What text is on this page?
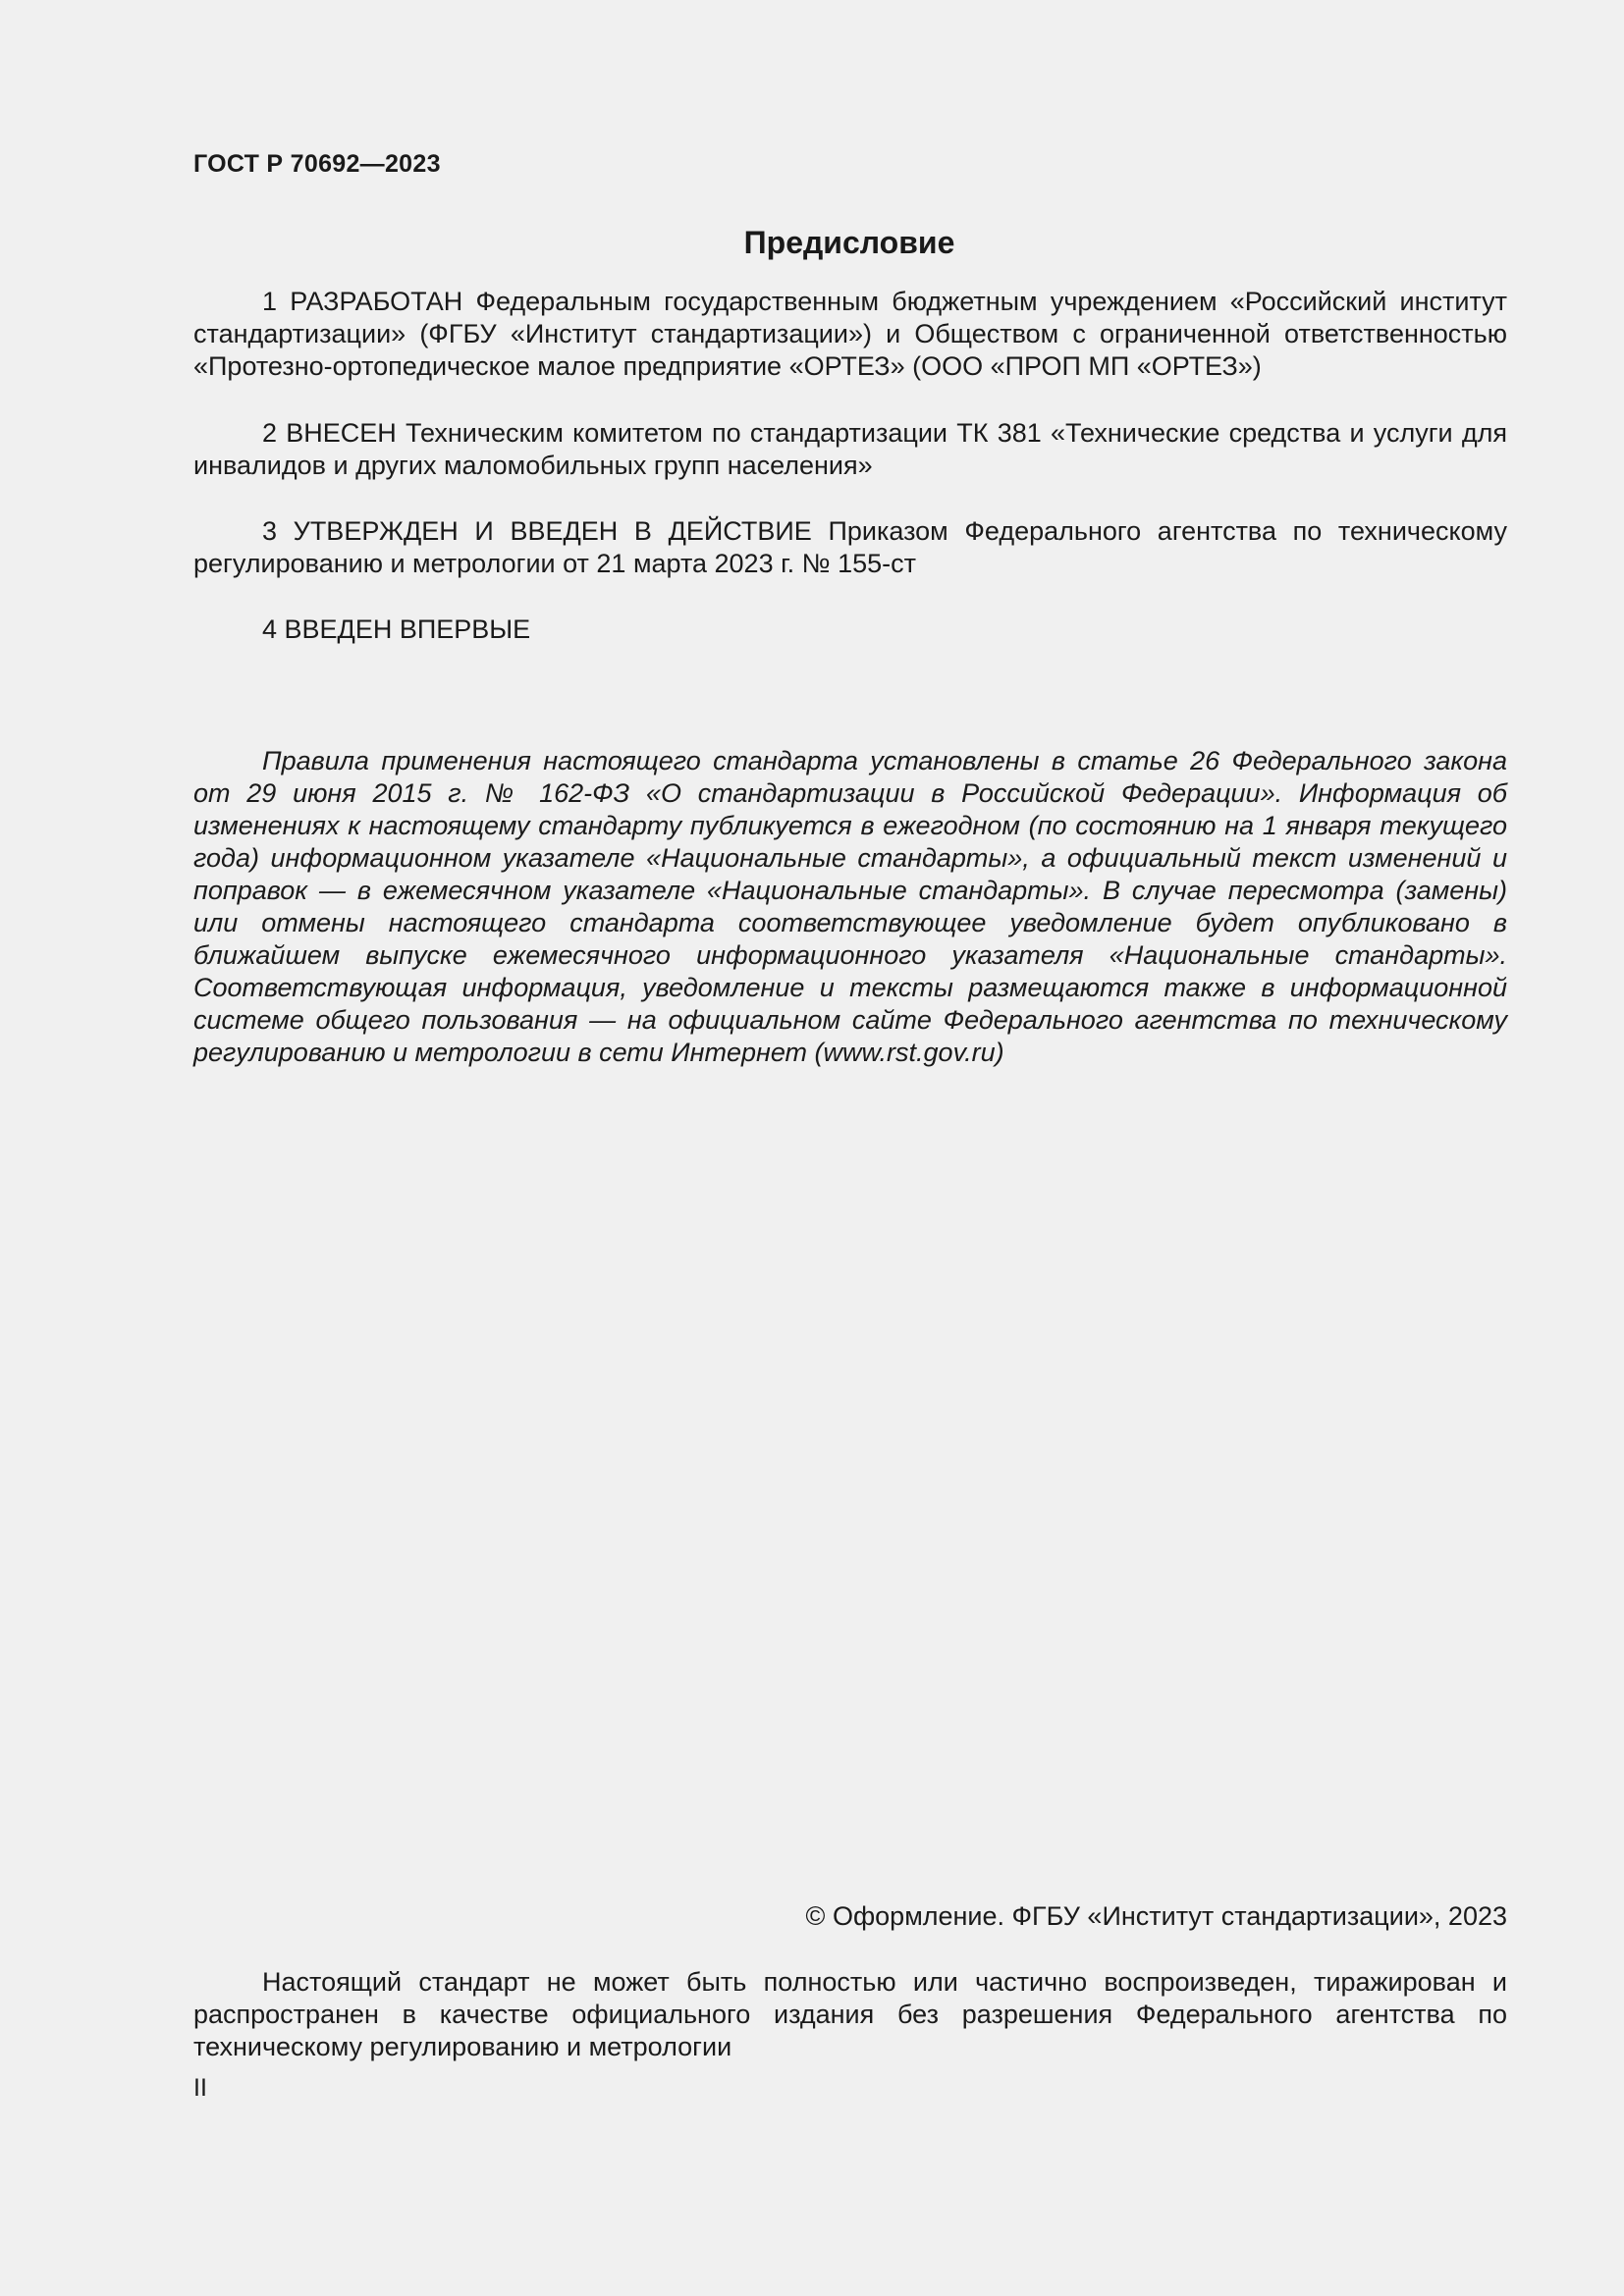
ГОСТ Р 70692—2023
Предисловие
1 РАЗРАБОТАН Федеральным государственным бюджетным учреждением «Российский институт стандартизации» (ФГБУ «Институт стандартизации») и Обществом с ограниченной ответственностью «Протезно-ортопедическое малое предприятие «ОРТЕЗ» (ООО «ПРОП МП «ОРТЕЗ»)
2 ВНЕСЕН Техническим комитетом по стандартизации ТК 381 «Технические средства и услуги для инвалидов и других маломобильных групп населения»
3 УТВЕРЖДЕН И ВВЕДЕН В ДЕЙСТВИЕ Приказом Федерального агентства по техническому регулированию и метрологии от 21 марта 2023 г. № 155-ст
4 ВВЕДЕН ВПЕРВЫЕ
Правила применения настоящего стандарта установлены в статье 26 Федерального закона от 29 июня 2015 г. № 162-ФЗ «О стандартизации в Российской Федерации». Информация об изменениях к настоящему стандарту публикуется в ежегодном (по состоянию на 1 января текущего года) информационном указателе «Национальные стандарты», а официальный текст изменений и поправок — в ежемесячном указателе «Национальные стандарты». В случае пересмотра (замены) или отмены настоящего стандарта соответствующее уведомление будет опубликовано в ближайшем выпуске ежемесячного информационного указателя «Национальные стандарты». Соответствующая информация, уведомление и тексты размещаются также в информационной системе общего пользования — на официальном сайте Федерального агентства по техническому регулированию и метрологии в сети Интернет (www.rst.gov.ru)
© Оформление. ФГБУ «Институт стандартизации», 2023
Настоящий стандарт не может быть полностью или частично воспроизведен, тиражирован и распространен в качестве официального издания без разрешения Федерального агентства по техническому регулированию и метрологии
II
